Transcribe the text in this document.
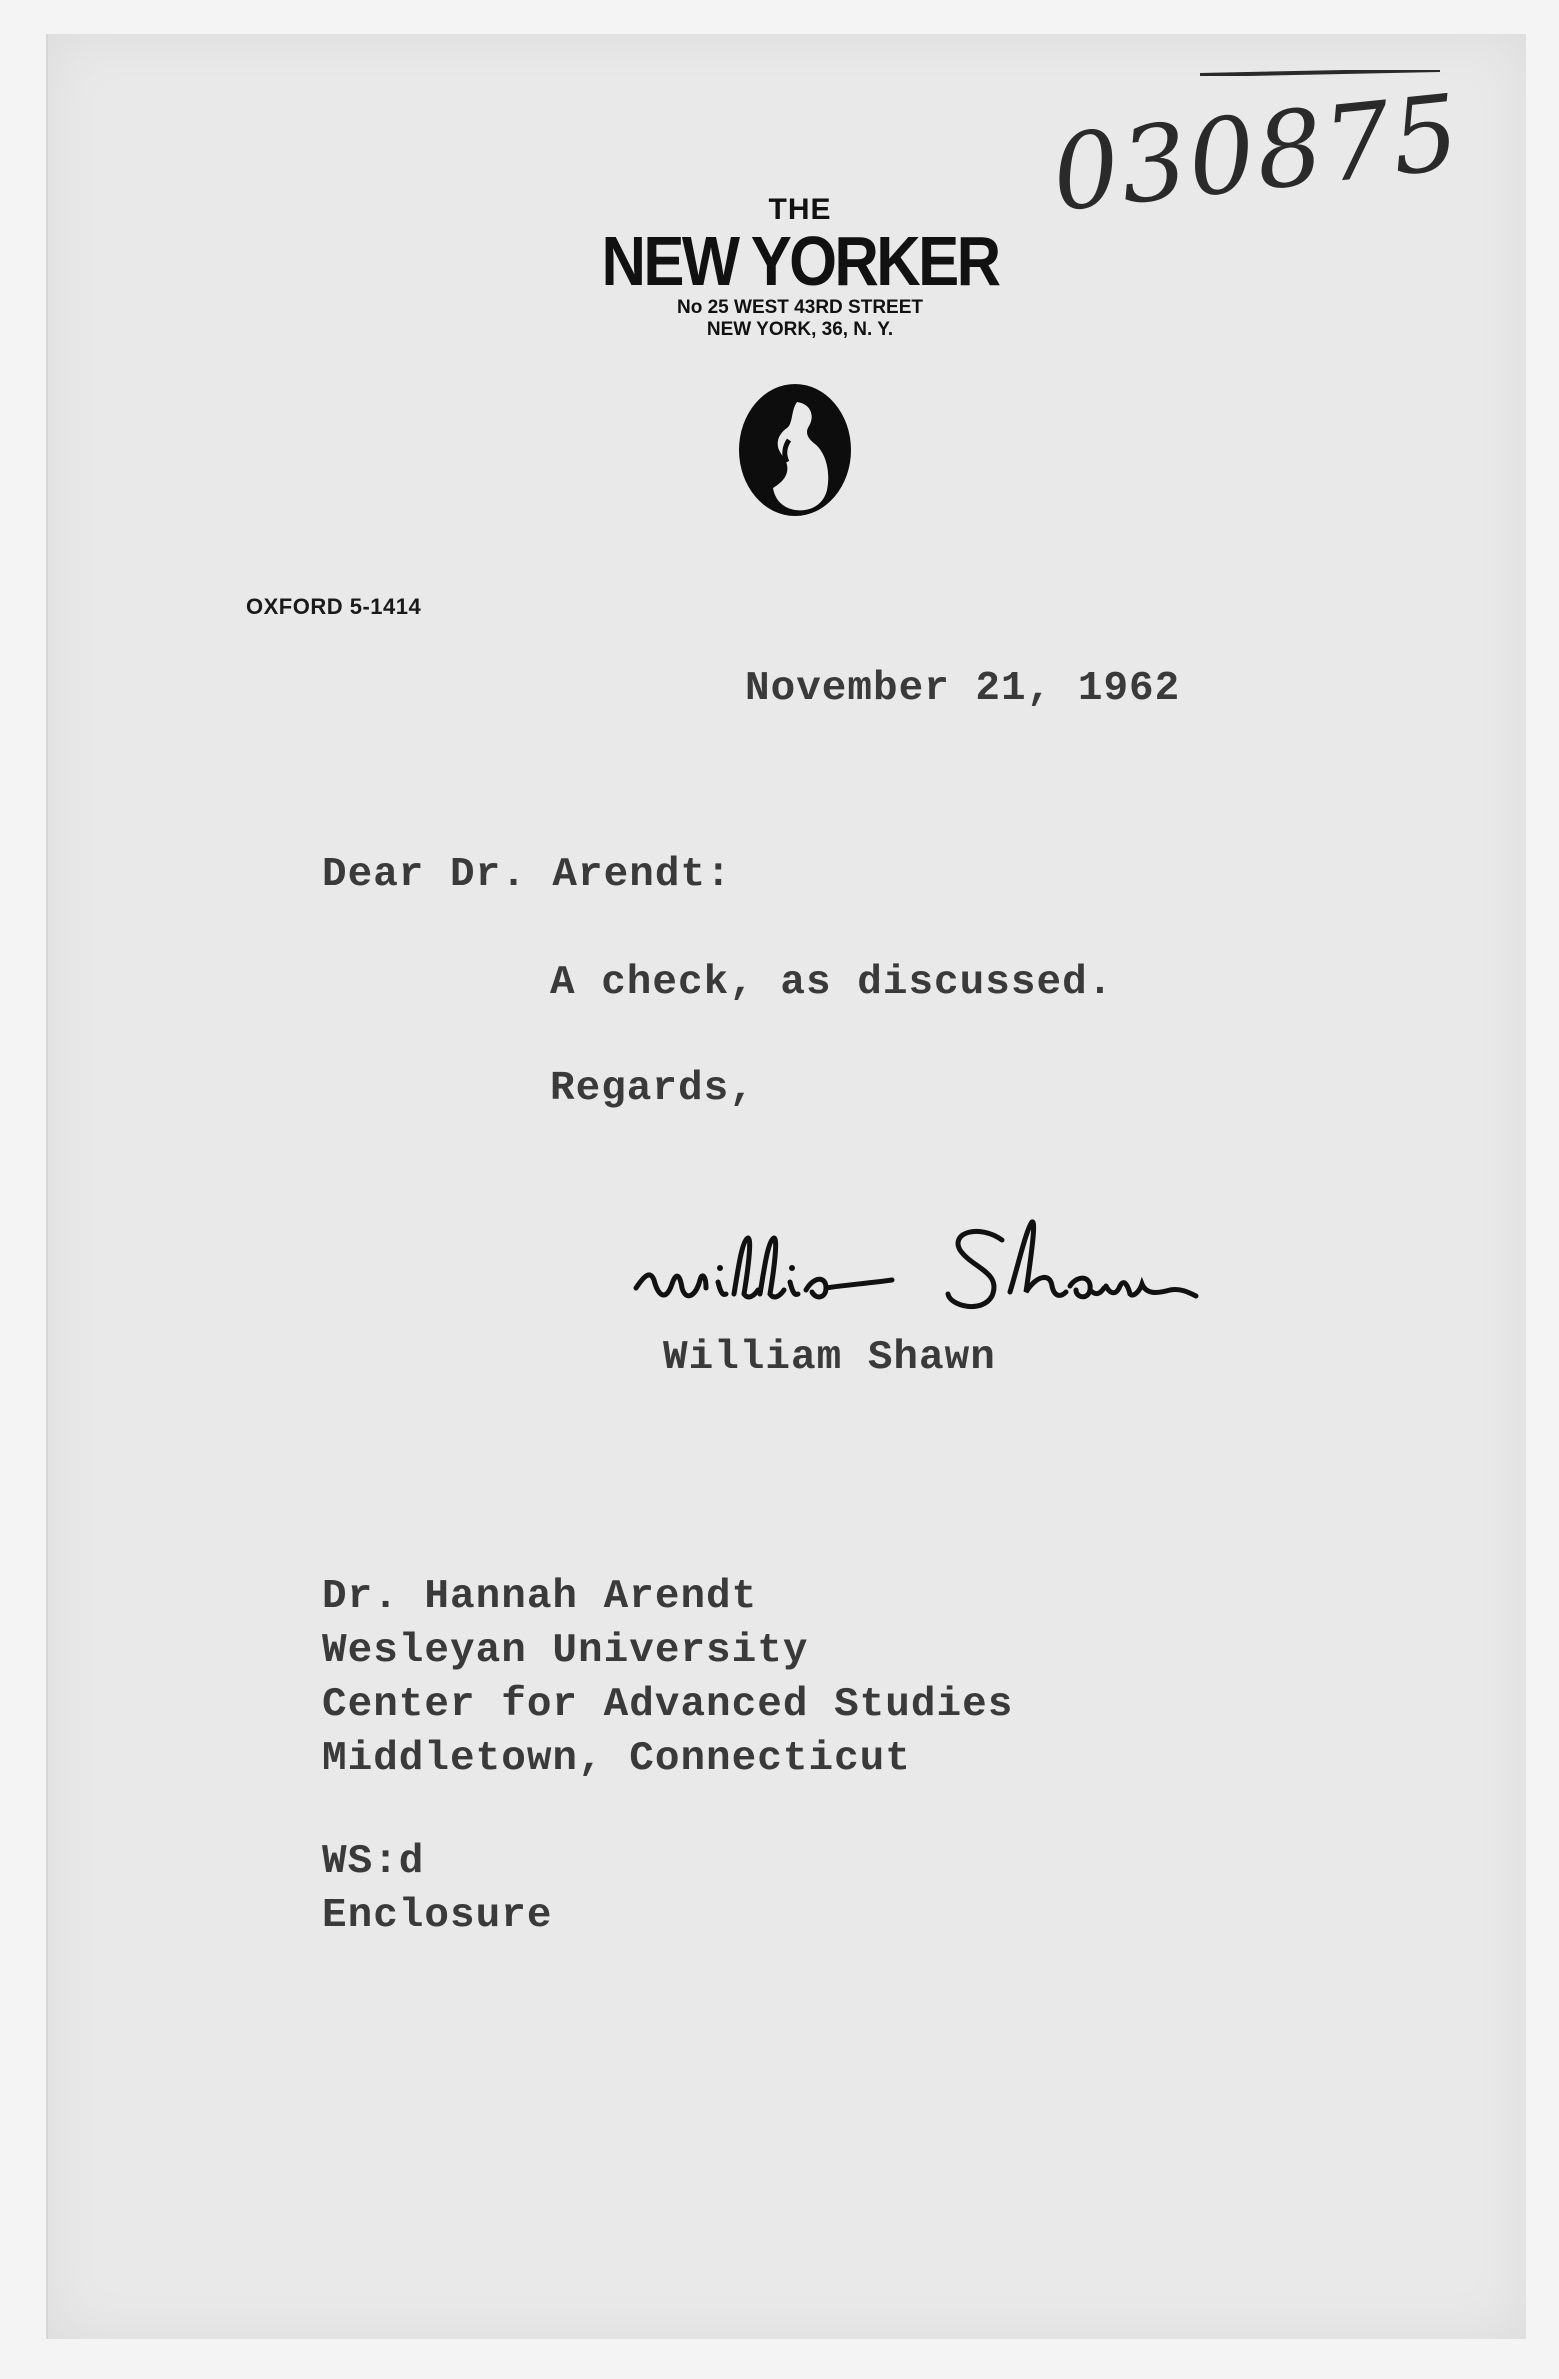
030875
THE
NEW YORKER
No 25 WEST 43RD STREET
NEW YORK, 36, N. Y.
OXFORD 5-1414
November 21, 1962
Dear Dr. Arendt:
A check, as discussed.
Regards,
William Shawn
Dr. Hannah Arendt
Wesleyan University
Center for Advanced Studies
Middletown, Connecticut
WS:d
Enclosure
